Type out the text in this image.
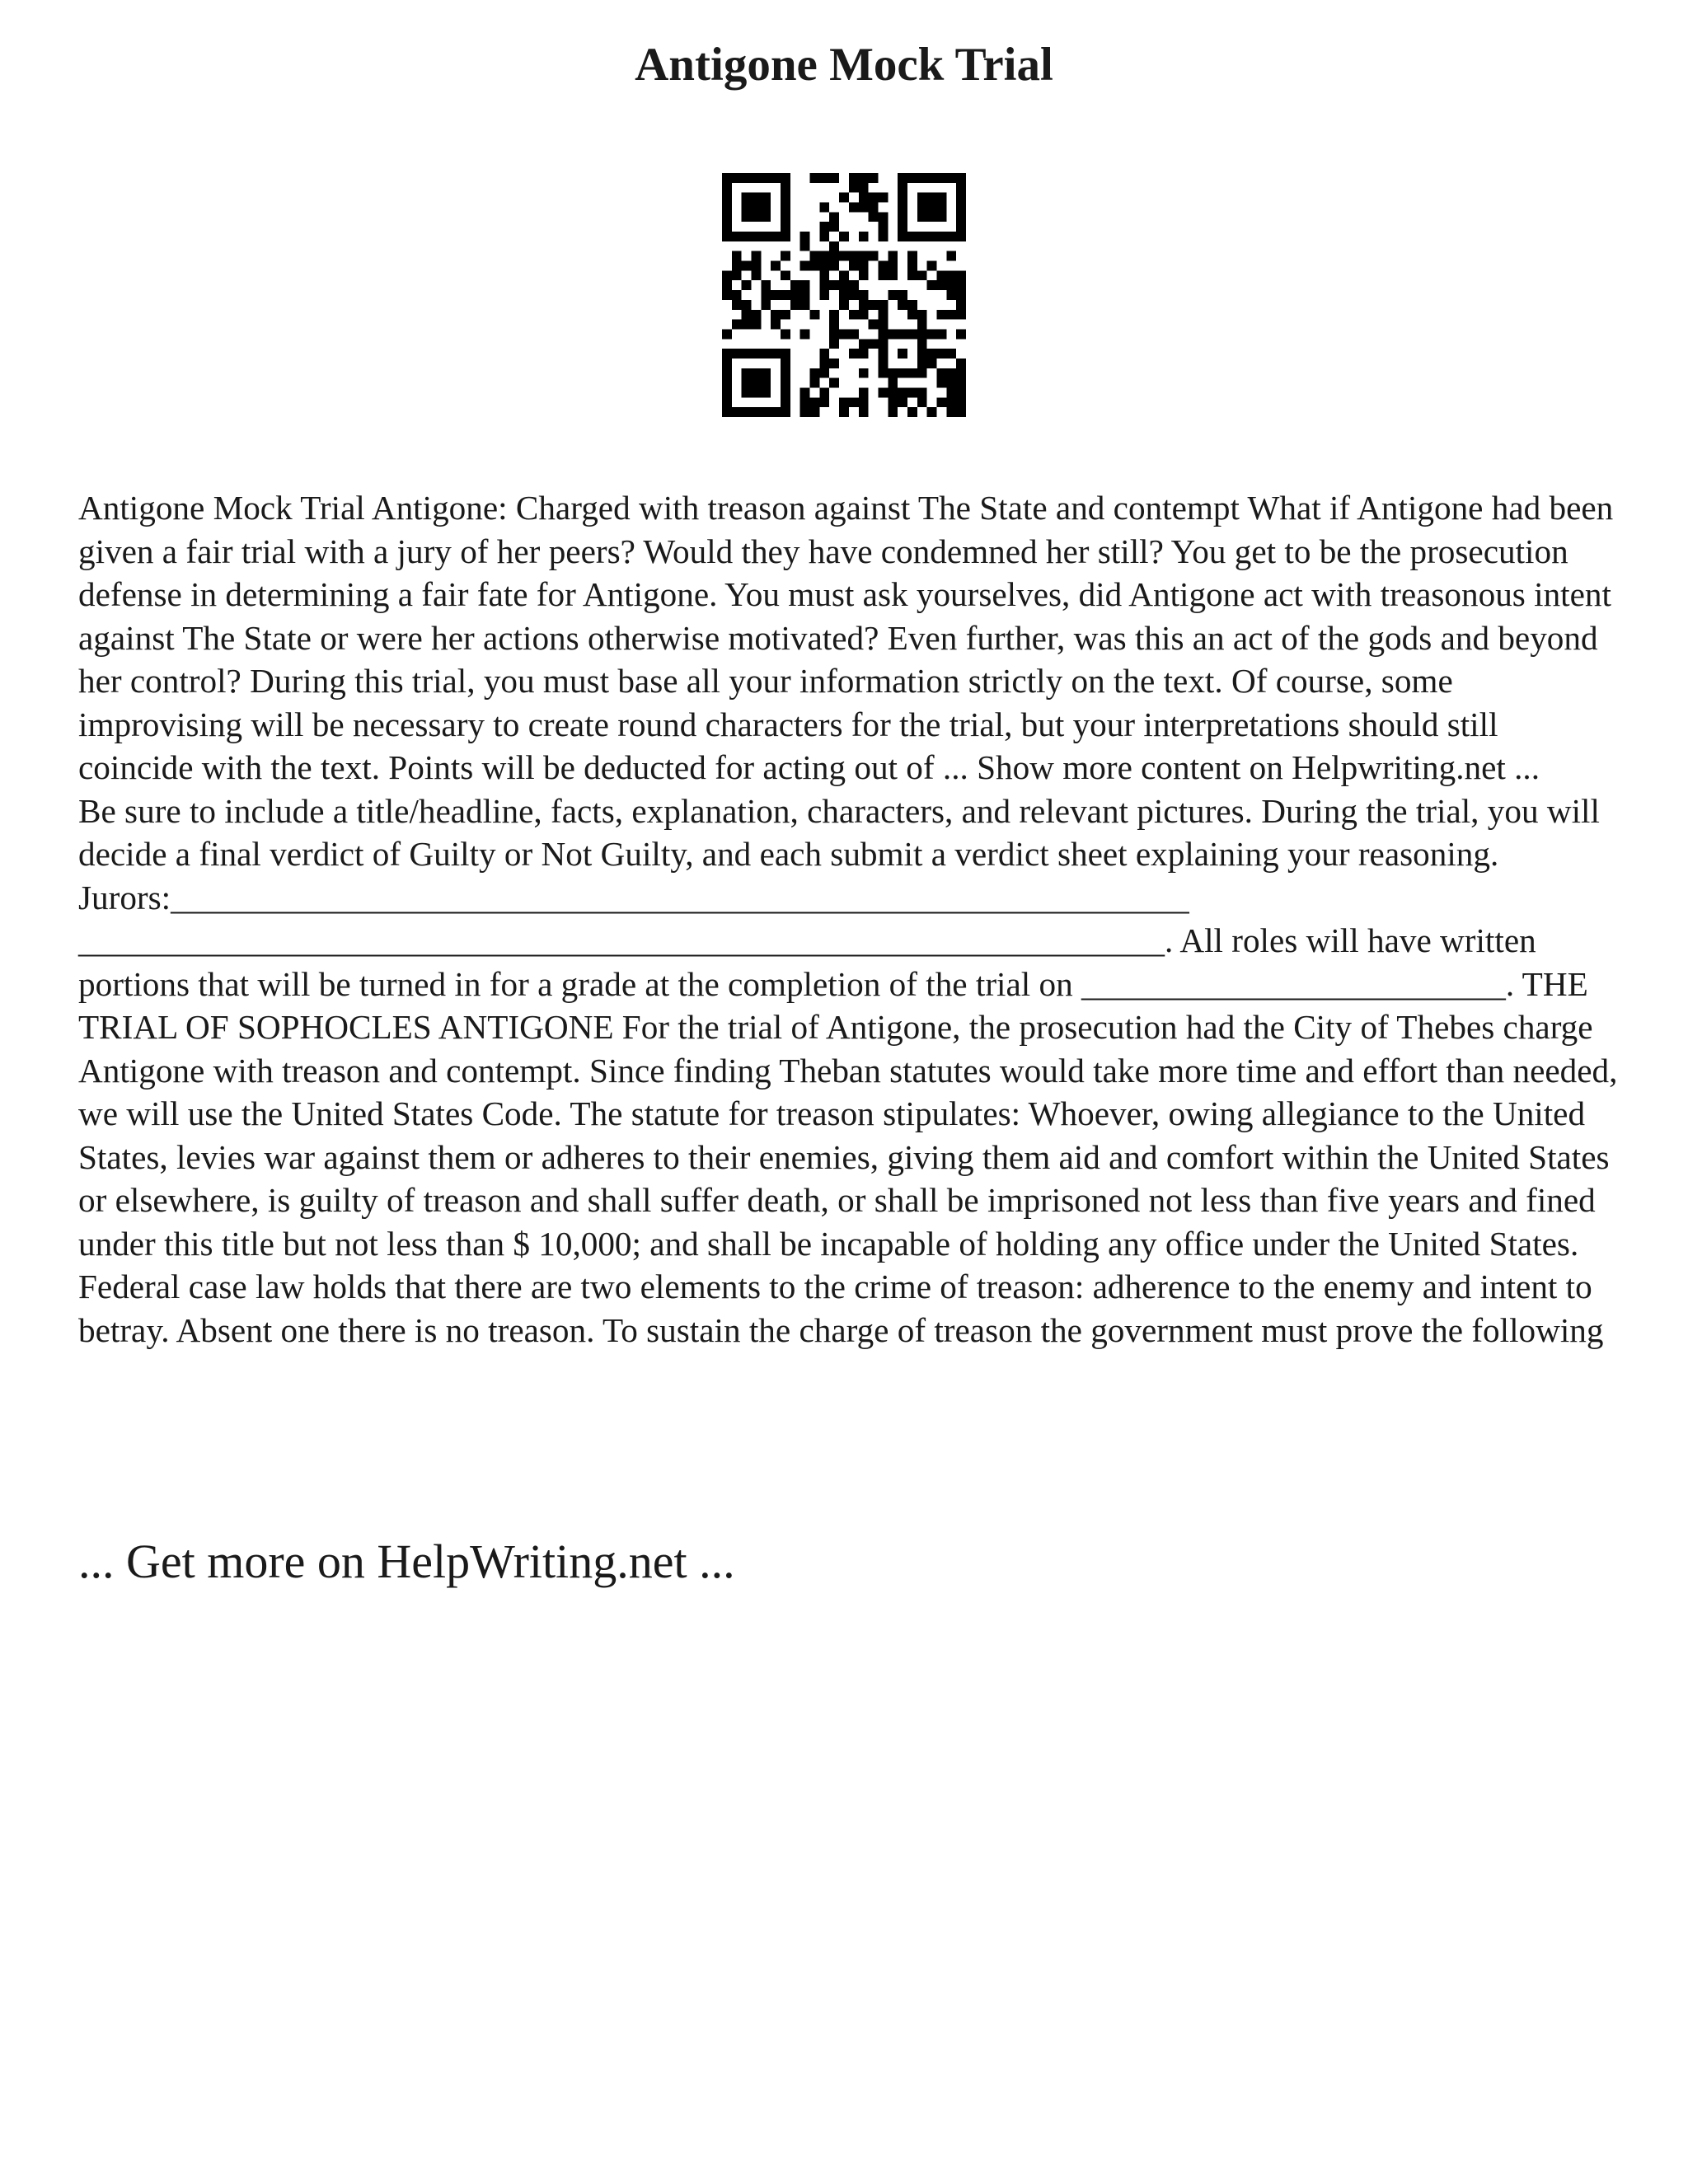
Antigone Mock Trial

Antigone Mock Trial Antigone: Charged with treason against The State and contempt What if Antigone had been given a fair trial with a jury of her peers? Would they have condemned her still? You get to be the prosecution defense in determining a fair fate for Antigone. You must ask yourselves, did Antigone act with treasonous intent against The State or were her actions otherwise motivated? Even further, was this an act of the gods and beyond her control? During this trial, you must base all your information strictly on the text. Of course, some improvising will be necessary to create round characters for the trial, but your interpretations should still coincide with the text. Points will be deducted for acting out of ... Show more content on Helpwriting.net ...

Be sure to include a title/headline, facts, explanation, characters, and relevant pictures. During the trial, you will decide a final verdict of Guilty or Not Guilty, and each submit a verdict sheet explaining your reasoning. Jurors:____________________________________________________________ ________________________________________________________________. All roles will have written portions that will be turned in for a grade at the completion of the trial on _________________________. THE TRIAL OF SOPHOCLES ANTIGONE For the trial of Antigone, the prosecution had the City of Thebes charge Antigone with treason and contempt. Since finding Theban statutes would take more time and effort than needed, we will use the United States Code. The statute for treason stipulates: Whoever, owing allegiance to the United States, levies war against them or adheres to their enemies, giving them aid and comfort within the United States or elsewhere, is guilty of treason and shall suffer death, or shall be imprisoned not less than five years and fined under this title but not less than $ 10,000; and shall be incapable of holding any office under the United States. Federal case law holds that there are two elements to the crime of treason: adherence to the enemy and intent to betray. Absent one there is no treason. To sustain the charge of treason the government must prove the following

... Get more on HelpWriting.net ...
